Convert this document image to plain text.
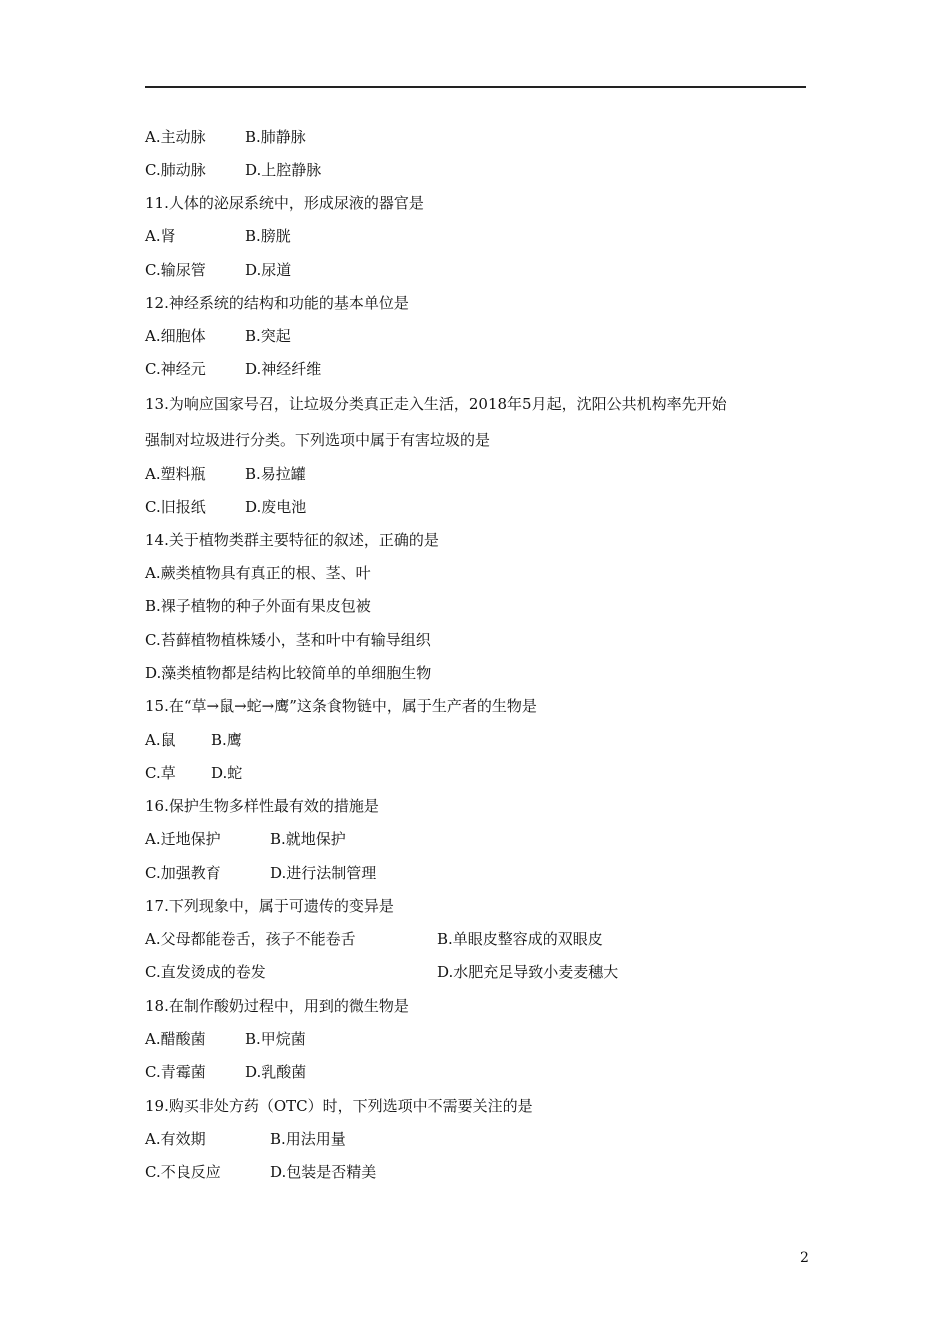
A.主动脉	B.肺静脉
C.肺动脉	D.上腔静脉
11.人体的泌尿系统中，形成尿液的器官是
A.肾	B.膀胱
C.输尿管	D.尿道
12.神经系统的结构和功能的基本单位是
A.细胞体	B.突起
C.神经元	D.神经纤维
13.为响应国家号召，让垃圾分类真正走入生活，2018年5月起，沈阳公共机构率先开始
强制对垃圾进行分类。下列选项中属于有害垃圾的是
A.塑料瓶	B.易拉罐
C.旧报纸	D.废电池
14.关于植物类群主要特征的叙述，正确的是
A.蕨类植物具有真正的根、茎、叶
B.裸子植物的种子外面有果皮包被
C.苔藓植物植株矮小，茎和叶中有输导组织
D.藻类植物都是结构比较简单的单细胞生物
15.在“草→鼠→蛇→鹰”这条食物链中，属于生产者的生物是
A.鼠 B.鹰
C.草 D.蛇
16.保护生物多样性最有效的措施是
A.迁地保护	B.就地保护
C.加强教育	D.进行法制管理
17.下列现象中，属于可遗传的变异是
A.父母都能卷舌，孩子不能卷舌	B.单眼皮整容成的双眼皮
C.直发烫成的卷发	D.水肥充足导致小麦麦穗大
18.在制作酸奶过程中，用到的微生物是
A.醋酸菌	B.甲烷菌
C.青霉菌	D.乳酸菌
19.购买非处方药（OTC）时，下列选项中不需要关注的是
A.有效期	B.用法用量
C.不良反应	D.包装是否精美
2
